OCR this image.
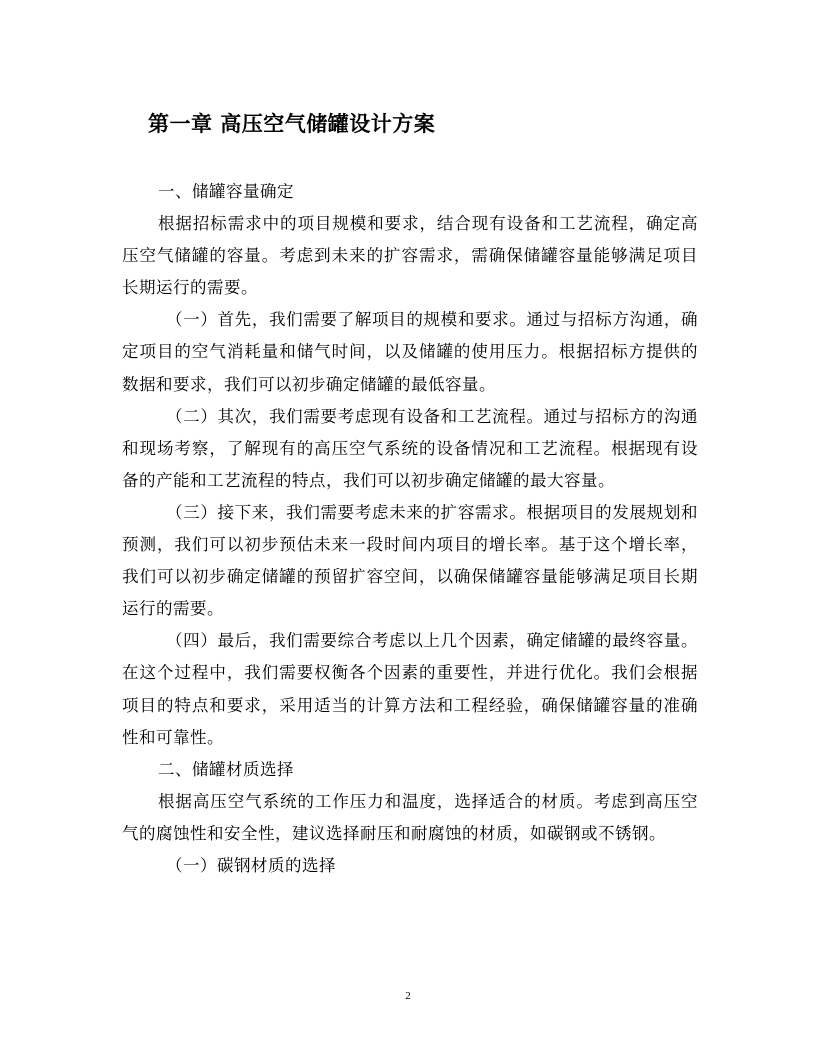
第一章 高压空气储罐设计方案

一、储罐容量确定

根据招标需求中的项目规模和要求，结合现有设备和工艺流程，确定高压空气储罐的容量。考虑到未来的扩容需求，需确保储罐容量能够满足项目长期运行的需要。

（一）首先，我们需要了解项目的规模和要求。通过与招标方沟通，确定项目的空气消耗量和储气时间，以及储罐的使用压力。根据招标方提供的数据和要求，我们可以初步确定储罐的最低容量。

（二）其次，我们需要考虑现有设备和工艺流程。通过与招标方的沟通和现场考察，了解现有的高压空气系统的设备情况和工艺流程。根据现有设备的产能和工艺流程的特点，我们可以初步确定储罐的最大容量。

（三）接下来，我们需要考虑未来的扩容需求。根据项目的发展规划和预测，我们可以初步预估未来一段时间内项目的增长率。基于这个增长率，我们可以初步确定储罐的预留扩容空间，以确保储罐容量能够满足项目长期运行的需要。

（四）最后，我们需要综合考虑以上几个因素，确定储罐的最终容量。在这个过程中，我们需要权衡各个因素的重要性，并进行优化。我们会根据项目的特点和要求，采用适当的计算方法和工程经验，确保储罐容量的准确性和可靠性。

二、储罐材质选择

根据高压空气系统的工作压力和温度，选择适合的材质。考虑到高压空气的腐蚀性和安全性，建议选择耐压和耐腐蚀的材质，如碳钢或不锈钢。

（一）碳钢材质的选择

2
